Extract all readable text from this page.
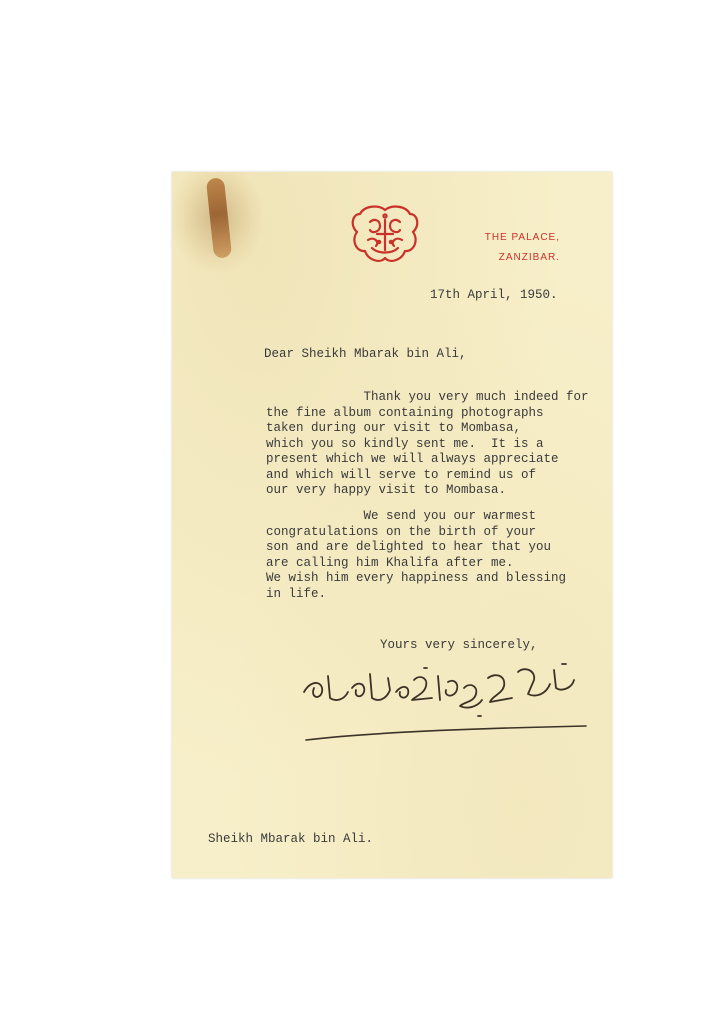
THE PALACE,
ZANZIBAR.
17th April, 1950.
Dear Sheikh Mbarak bin Ali,
Thank you very much indeed for
the fine album containing photographs
taken during our visit to Mombasa,
which you so kindly sent me.  It is a
present which we will always appreciate
and which will serve to remind us of
our very happy visit to Mombasa.
We send you our warmest
congratulations on the birth of your
son and are delighted to hear that you
are calling him Khalifa after me.
We wish him every happiness and blessing
in life.
Yours very sincerely,
Sheikh Mbarak bin Ali.
